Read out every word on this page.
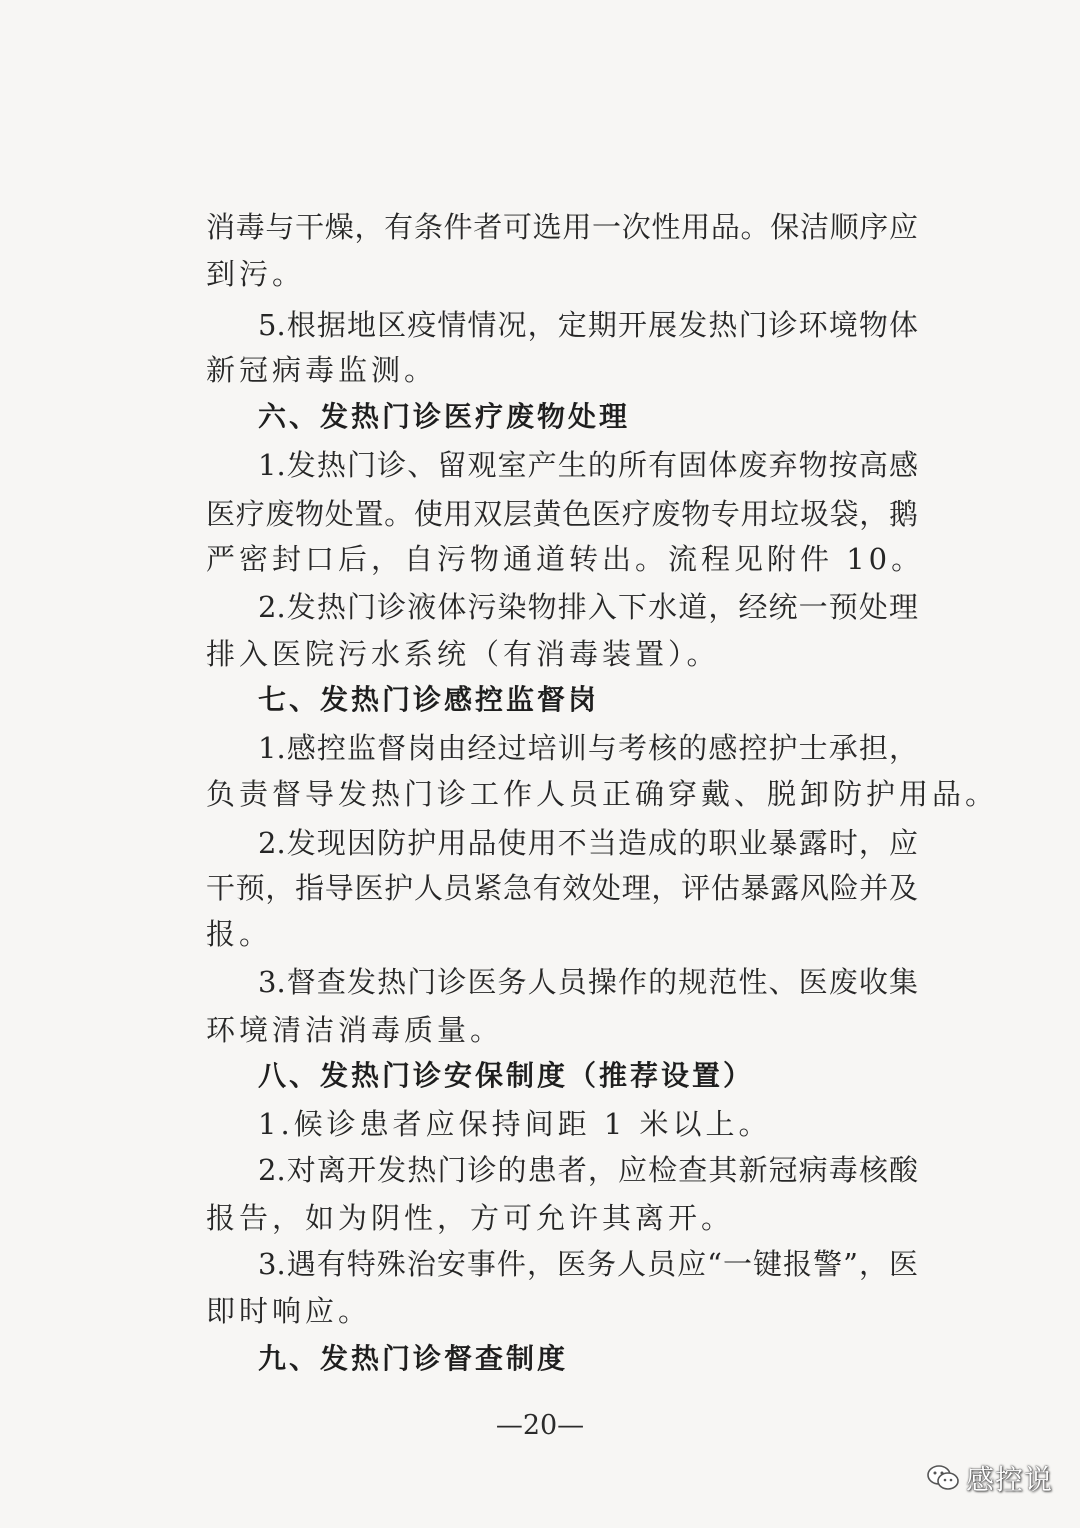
消毒与干燥，有条件者可选用一次性用品。保洁顺序应
到污。
5.根据地区疫情情况，定期开展发热门诊环境物体
新冠病毒监测。
六、发热门诊医疗废物处理
1.发热门诊、留观室产生的所有固体废弃物按高感
医疗废物处置。使用双层黄色医疗废物专用垃圾袋，鹅
严密封口后，自污物通道转出。流程见附件 10。
2.发热门诊液体污染物排入下水道，经统一预处理
排入医院污水系统（有消毒装置）。
七、发热门诊感控监督岗
1.感控监督岗由经过培训与考核的感控护士承担，
负责督导发热门诊工作人员正确穿戴、脱卸防护用品。
2.发现因防护用品使用不当造成的职业暴露时，应
干预，指导医护人员紧急有效处理，评估暴露风险并及
报。
3.督查发热门诊医务人员操作的规范性、医废收集
环境清洁消毒质量。
八、发热门诊安保制度（推荐设置）
1.候诊患者应保持间距 1 米以上。
2.对离开发热门诊的患者，应检查其新冠病毒核酸
报告，如为阴性，方可允许其离开。
3.遇有特殊治安事件，医务人员应“一键报警”，医
即时响应。
九、发热门诊督查制度
—20—
感控说
